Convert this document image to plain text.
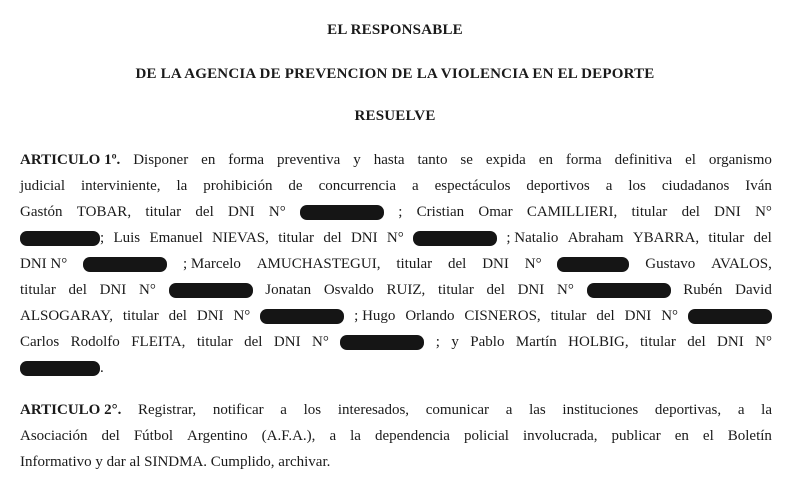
EL RESPONSABLE
DE LA AGENCIA DE PREVENCION DE LA VIOLENCIA EN EL DEPORTE
RESUELVE
ARTICULO 1º. Disponer en forma preventiva y hasta tanto se expida en forma definitiva el organismo
judicial interviniente, la prohibición de concurrencia a espectáculos deportivos a los ciudadanos Iván
Gastón TOBAR, titular del DNI N°	; Cristian Omar CAMILLIERI, titular del DNI N°
; Luis Emanuel NIEVAS, titular del DNI N°	; Natalio Abraham YBARRA, titular del
DNI N°	; Marcelo AMUCHASTEGUI, titular del DNI N°	Gustavo AVALOS,
titular del DNI N°	Jonatan Osvaldo RUIZ, titular del DNI N°	Rubén David
ALSOGARAY, titular del DNI N°	; Hugo Orlando CISNEROS, titular del DNI N°
Carlos Rodolfo FLEITA, titular del DNI N°	; y Pablo Martín HOLBIG, titular del DNI N°
.
ARTICULO 2°. Registrar, notificar a los interesados, comunicar a las instituciones deportivas, a la
Asociación del Fútbol Argentino (A.F.A.), a la dependencia policial involucrada, publicar en el Boletín
Informativo y dar al SINDMA. Cumplido, archivar.
